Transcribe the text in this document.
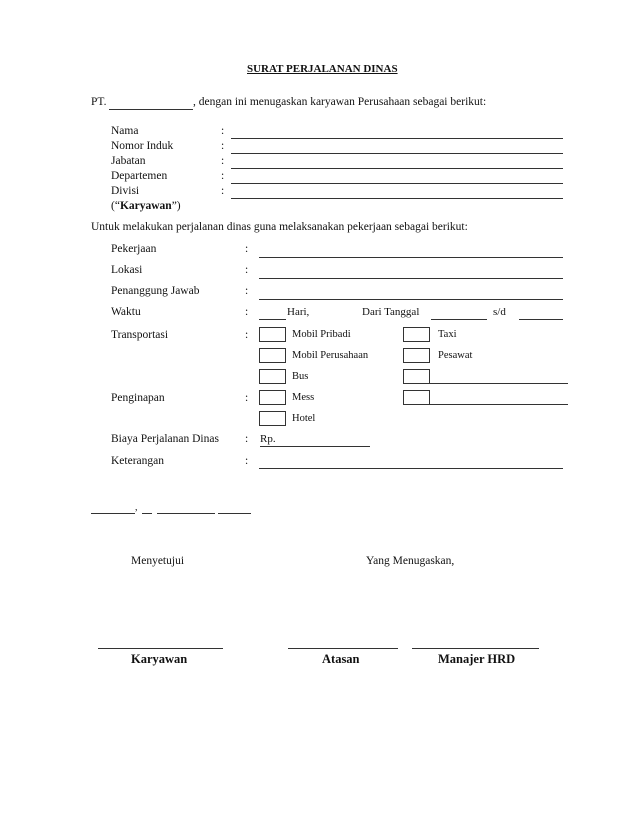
SURAT PERJALANAN DINAS
PT.	, dengan ini menugaskan karyawan Perusahaan sebagai berikut:
Nama	:
Nomor Induk	:
Jabatan	:
Departemen	:
Divisi	:
(“Karyawan”)
Untuk melakukan perjalanan dinas guna melaksanakan pekerjaan sebagai berikut:
Pekerjaan	:
Lokasi	:
Penanggung Jawab	:
Waktu	:	Hari,	Dari Tanggal	s/d
Transportasi	:	Mobil Pribadi	Taxi
Mobil Perusahaan	Pesawat
Bus
Penginapan	:	Mess
Hotel
Biaya Perjalanan Dinas : Rp.
Keterangan	:
,
Menyetujui	Yang Menugaskan,
Karyawan	Atasan	Manajer HRD
